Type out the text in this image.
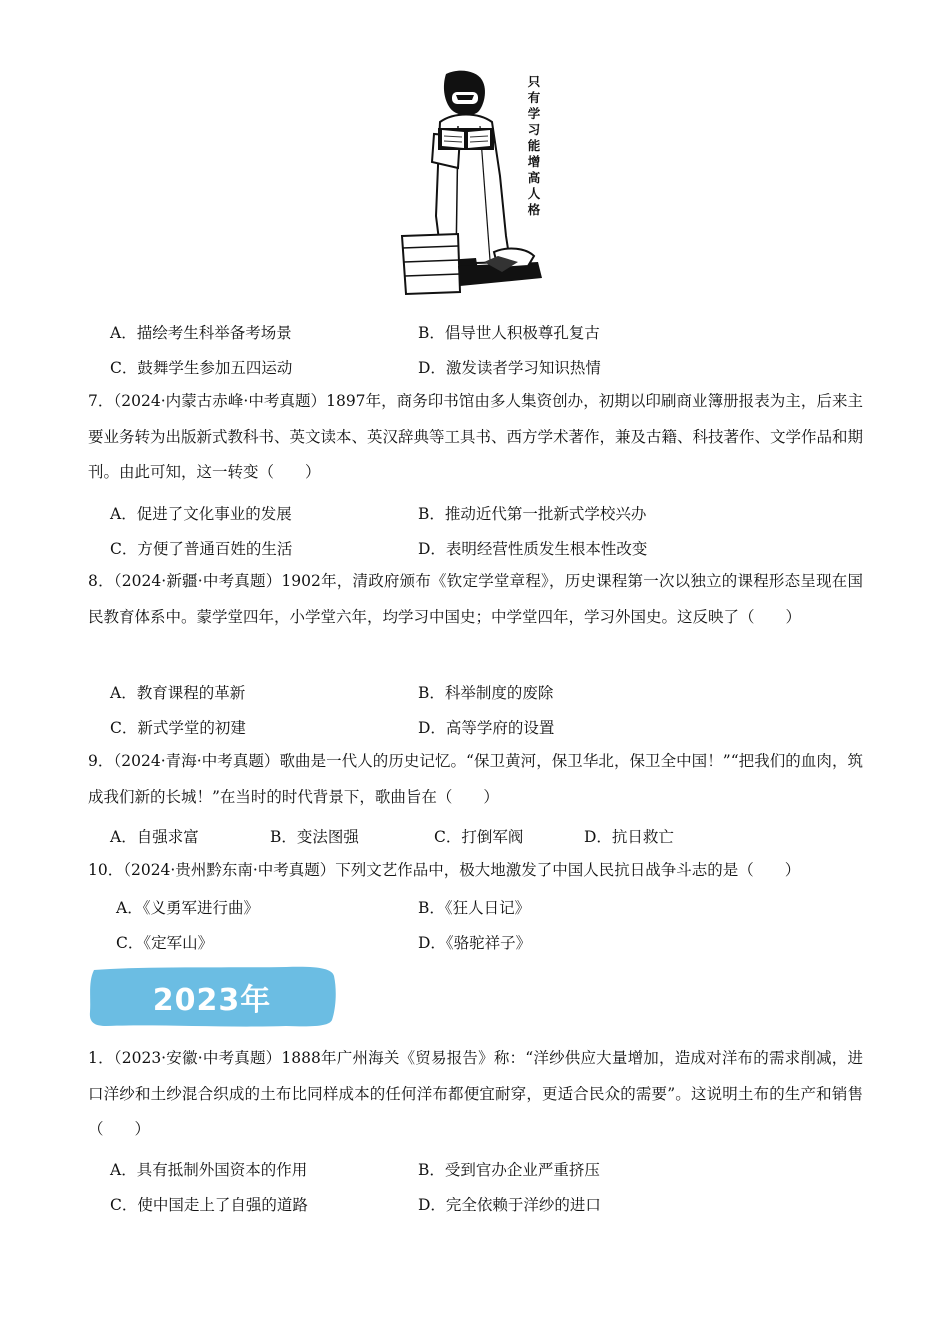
只
有
学
习
能
增
高
人
格
A．描绘考生科举备考场景	B．倡导世人积极尊孔复古
C．鼓舞学生参加五四运动	D．激发读者学习知识热情
7．（2024·内蒙古赤峰·中考真题）1897年，商务印书馆由多人集资创办，初期以印刷商业簿册报表为主，后来主要业务转为出版新式教科书、英文读本、英汉辞典等工具书、西方学术著作，兼及古籍、科技著作、文学作品和期刊。由此可知，这一转变（　　）
A．促进了文化事业的发展	B．推动近代第一批新式学校兴办
C．方便了普通百姓的生活	D．表明经营性质发生根本性改变
8．（2024·新疆·中考真题）1902年，清政府颁布《钦定学堂章程》，历史课程第一次以独立的课程形态呈现在国民教育体系中。蒙学堂四年，小学堂六年，均学习中国史；中学堂四年，学习外国史。这反映了（　　）
A．教育课程的革新	B．科举制度的废除
C．新式学堂的初建	D．高等学府的设置
9．（2024·青海·中考真题）歌曲是一代人的历史记忆。“保卫黄河，保卫华北，保卫全中国！”“把我们的血肉，筑成我们新的长城！”在当时的时代背景下，歌曲旨在（　　）
A．自强求富	B．变法图强	C．打倒军阀	D．抗日救亡
10．（2024·贵州黔东南·中考真题）下列文艺作品中，极大地激发了中国人民抗日战争斗志的是（　　）
A．《义勇军进行曲》	B．《狂人日记》
C．《定军山》	D．《骆驼祥子》
2023年
1．（2023·安徽·中考真题）1888年广州海关《贸易报告》称：“洋纱供应大量增加，造成对洋布的需求削减，进口洋纱和土纱混合织成的土布比同样成本的任何洋布都便宜耐穿，更适合民众的需要”。这说明土布的生产和销售（　　）
A．具有抵制外国资本的作用	B．受到官办企业严重挤压
C．使中国走上了自强的道路	D．完全依赖于洋纱的进口
